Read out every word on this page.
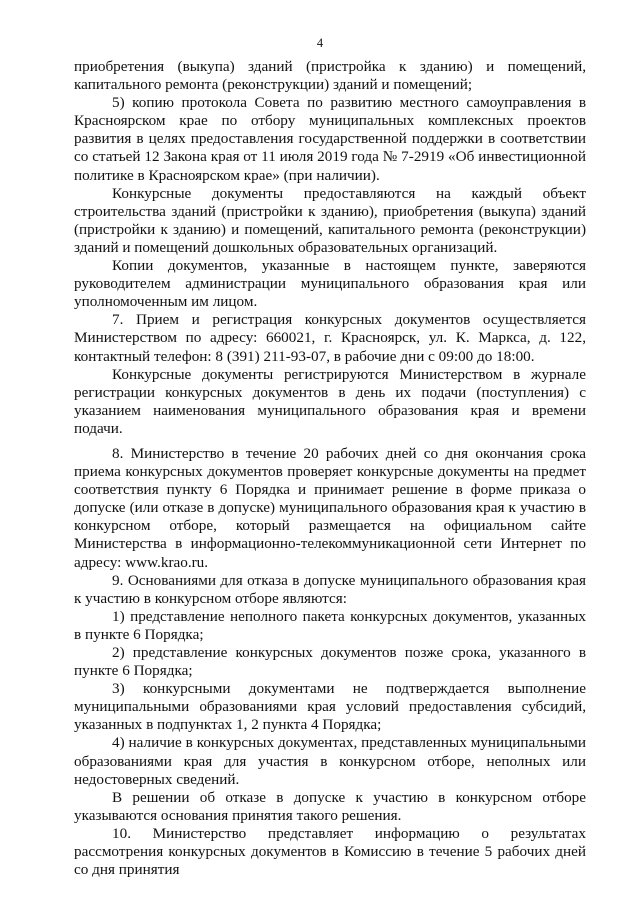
4

приобретения (выкупа) зданий (пристройка к зданию) и помещений, капитального ремонта (реконструкции) зданий и помещений;

5) копию протокола Совета по развитию местного самоуправления в Красноярском крае по отбору муниципальных комплексных проектов развития в целях предоставления государственной поддержки в соответствии со статьей 12 Закона края от 11 июля 2019 года № 7-2919 «Об инвестиционной политике в Красноярском крае» (при наличии).

Конкурсные документы предоставляются на каждый объект строительства зданий (пристройки к зданию), приобретения (выкупа) зданий (пристройки к зданию) и помещений, капитального ремонта (реконструкции) зданий и помещений дошкольных образовательных организаций.

Копии документов, указанные в настоящем пункте, заверяются руководителем администрации муниципального образования края или уполномоченным им лицом.

7. Прием и регистрация конкурсных документов осуществляется Министерством по адресу: 660021, г. Красноярск, ул. К. Маркса, д. 122, контактный телефон: 8 (391) 211-93-07, в рабочие дни с 09:00 до 18:00.

Конкурсные документы регистрируются Министерством в журнале регистрации конкурсных документов в день их подачи (поступления) с указанием наименования муниципального образования края и времени подачи.

8. Министерство в течение 20 рабочих дней со дня окончания срока приема конкурсных документов проверяет конкурсные документы на предмет соответствия пункту 6 Порядка и принимает решение в форме приказа о допуске (или отказе в допуске) муниципального образования края к участию в конкурсном отборе, который размещается на официальном сайте Министерства в информационно-телекоммуникационной сети Интернет по адресу: www.krao.ru.

9. Основаниями для отказа в допуске муниципального образования края к участию в конкурсном отборе являются:

1) представление неполного пакета конкурсных документов, указанных в пункте 6 Порядка;

2) представление конкурсных документов позже срока, указанного в пункте 6 Порядка;

3) конкурсными документами не подтверждается выполнение муниципальными образованиями края условий предоставления субсидий, указанных в подпунктах 1, 2 пункта 4 Порядка;

4) наличие в конкурсных документах, представленных муниципальными образованиями края для участия в конкурсном отборе, неполных или недостоверных сведений.

В решении об отказе в допуске к участию в конкурсном отборе указываются основания принятия такого решения.

10. Министерство представляет информацию о результатах рассмотрения конкурсных документов в Комиссию в течение 5 рабочих дней со дня принятия
